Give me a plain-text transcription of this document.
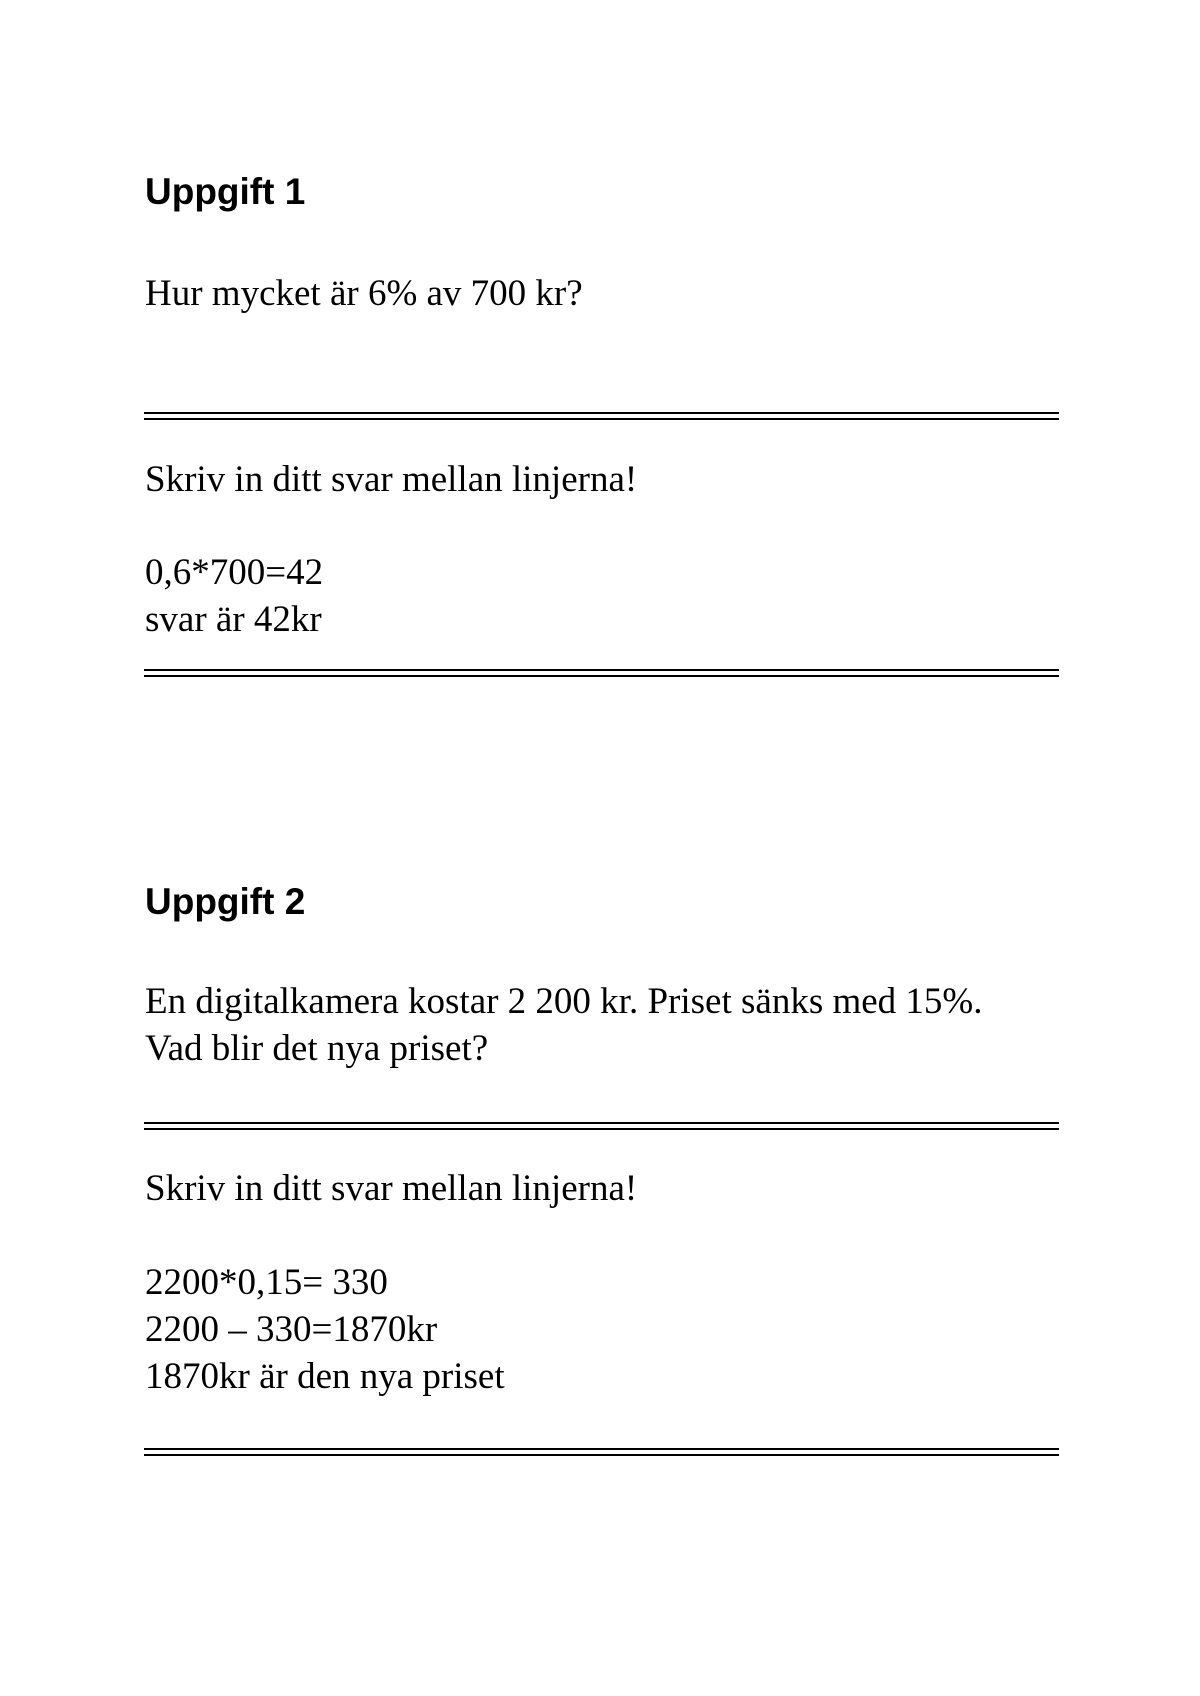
Uppgift 1
Hur mycket är 6% av 700 kr?
Skriv in ditt svar mellan linjerna!
0,6*700=42
svar är 42kr
Uppgift 2
En digitalkamera kostar 2 200 kr. Priset sänks med 15%.
Vad blir det nya priset?
Skriv in ditt svar mellan linjerna!
2200*0,15= 330
2200 – 330=1870kr
1870kr är den nya priset
